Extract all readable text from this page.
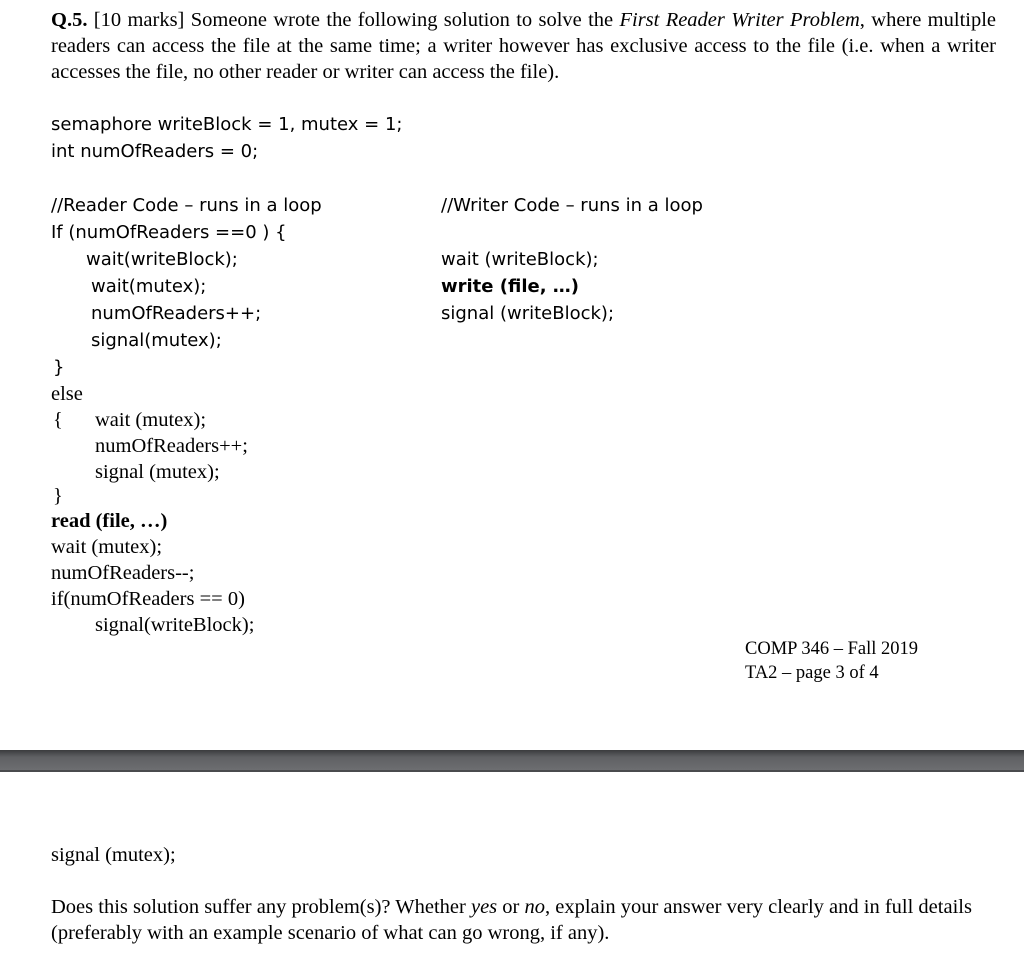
Q.5. [10 marks] Someone wrote the following solution to solve the First Reader Writer Problem, where multiple readers can access the file at the same time; a writer however has exclusive access to the file (i.e. when a writer accesses the file, no other reader or writer can access the file).

semaphore writeBlock = 1, mutex = 1;
int numOfReaders = 0;
//Reader Code – runs in a loop
If (numOfReaders ==0 ) {
wait(writeBlock);
wait(mutex);
numOfReaders++;
signal(mutex);
}
else
{ wait (mutex);
numOfReaders++;
signal (mutex);
}
read (file, …)
wait (mutex);
numOfReaders--;
if(numOfReaders == 0)
signal(writeBlock);
//Writer Code – runs in a loop
wait (writeBlock);
write (file, …)
signal (writeBlock);
COMP 346 – Fall 2019
TA2 – page 3 of 4
signal (mutex);
Does this solution suffer any problem(s)? Whether yes or no, explain your answer very clearly and in full details (preferably with an example scenario of what can go wrong, if any).
